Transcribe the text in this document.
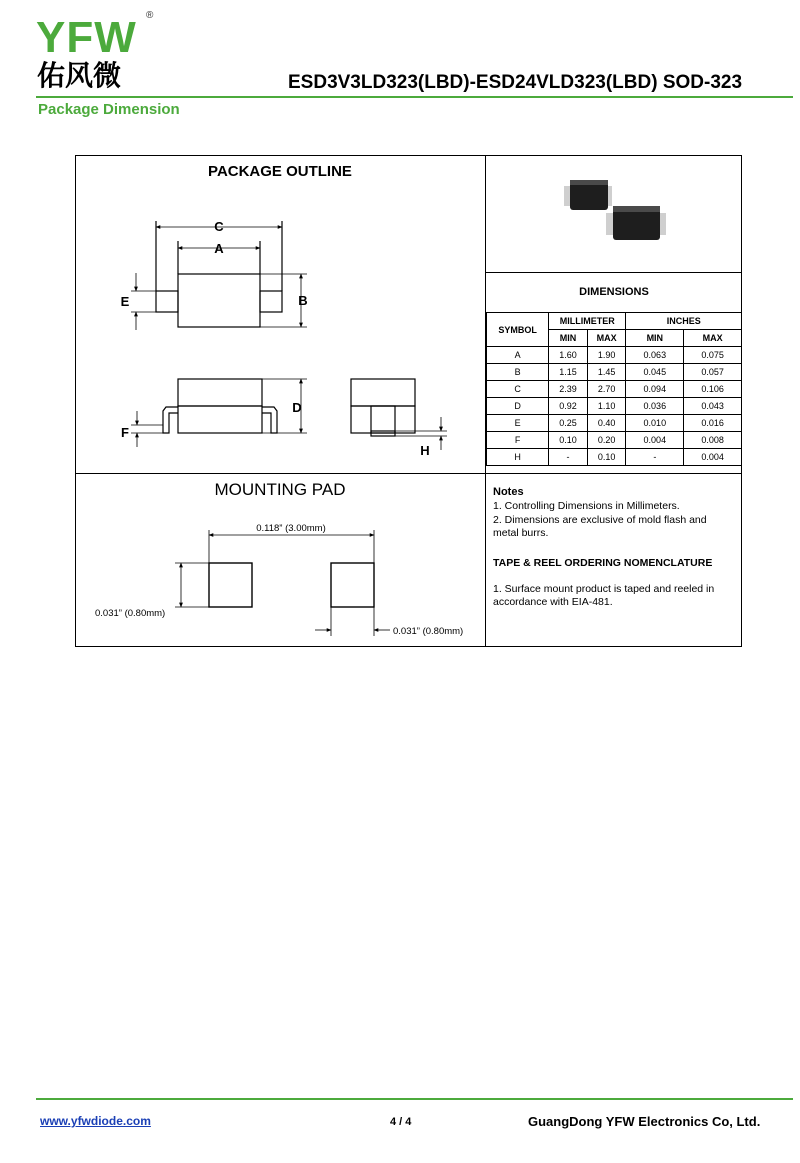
YFW ®
佑风微	ESD3V3LD323(LBD)-ESD24VLD323(LBD) SOD-323
Package Dimension
PACKAGE OUTLINE
C
A
B
E
D
F
H
DIMENSIONS
SYMBOL	MILLIMETER		INCHES	
	MIN	MAX	MIN	MAX
A	1.60	1.90	0.063	0.075
B	1.15	1.45	0.045	0.057
C	2.39	2.70	0.094	0.106
D	0.92	1.10	0.036	0.043
E	0.25	0.40	0.010	0.016
F	0.10	0.20	0.004	0.008
H	-	0.10	-	0.004
MOUNTING PAD
0.118” (3.00mm)
0.031” (0.80mm)
0.031” (0.80mm)
Notes
1. Controlling Dimensions in Millimeters.
2. Dimensions are exclusive of mold flash and metal burrs.
TAPE & REEL ORDERING NOMENCLATURE
1. Surface mount product is taped and reeled in accordance with EIA-481.
www.yfwdiode.com	4 / 4	GuangDong YFW Electronics Co, Ltd.
